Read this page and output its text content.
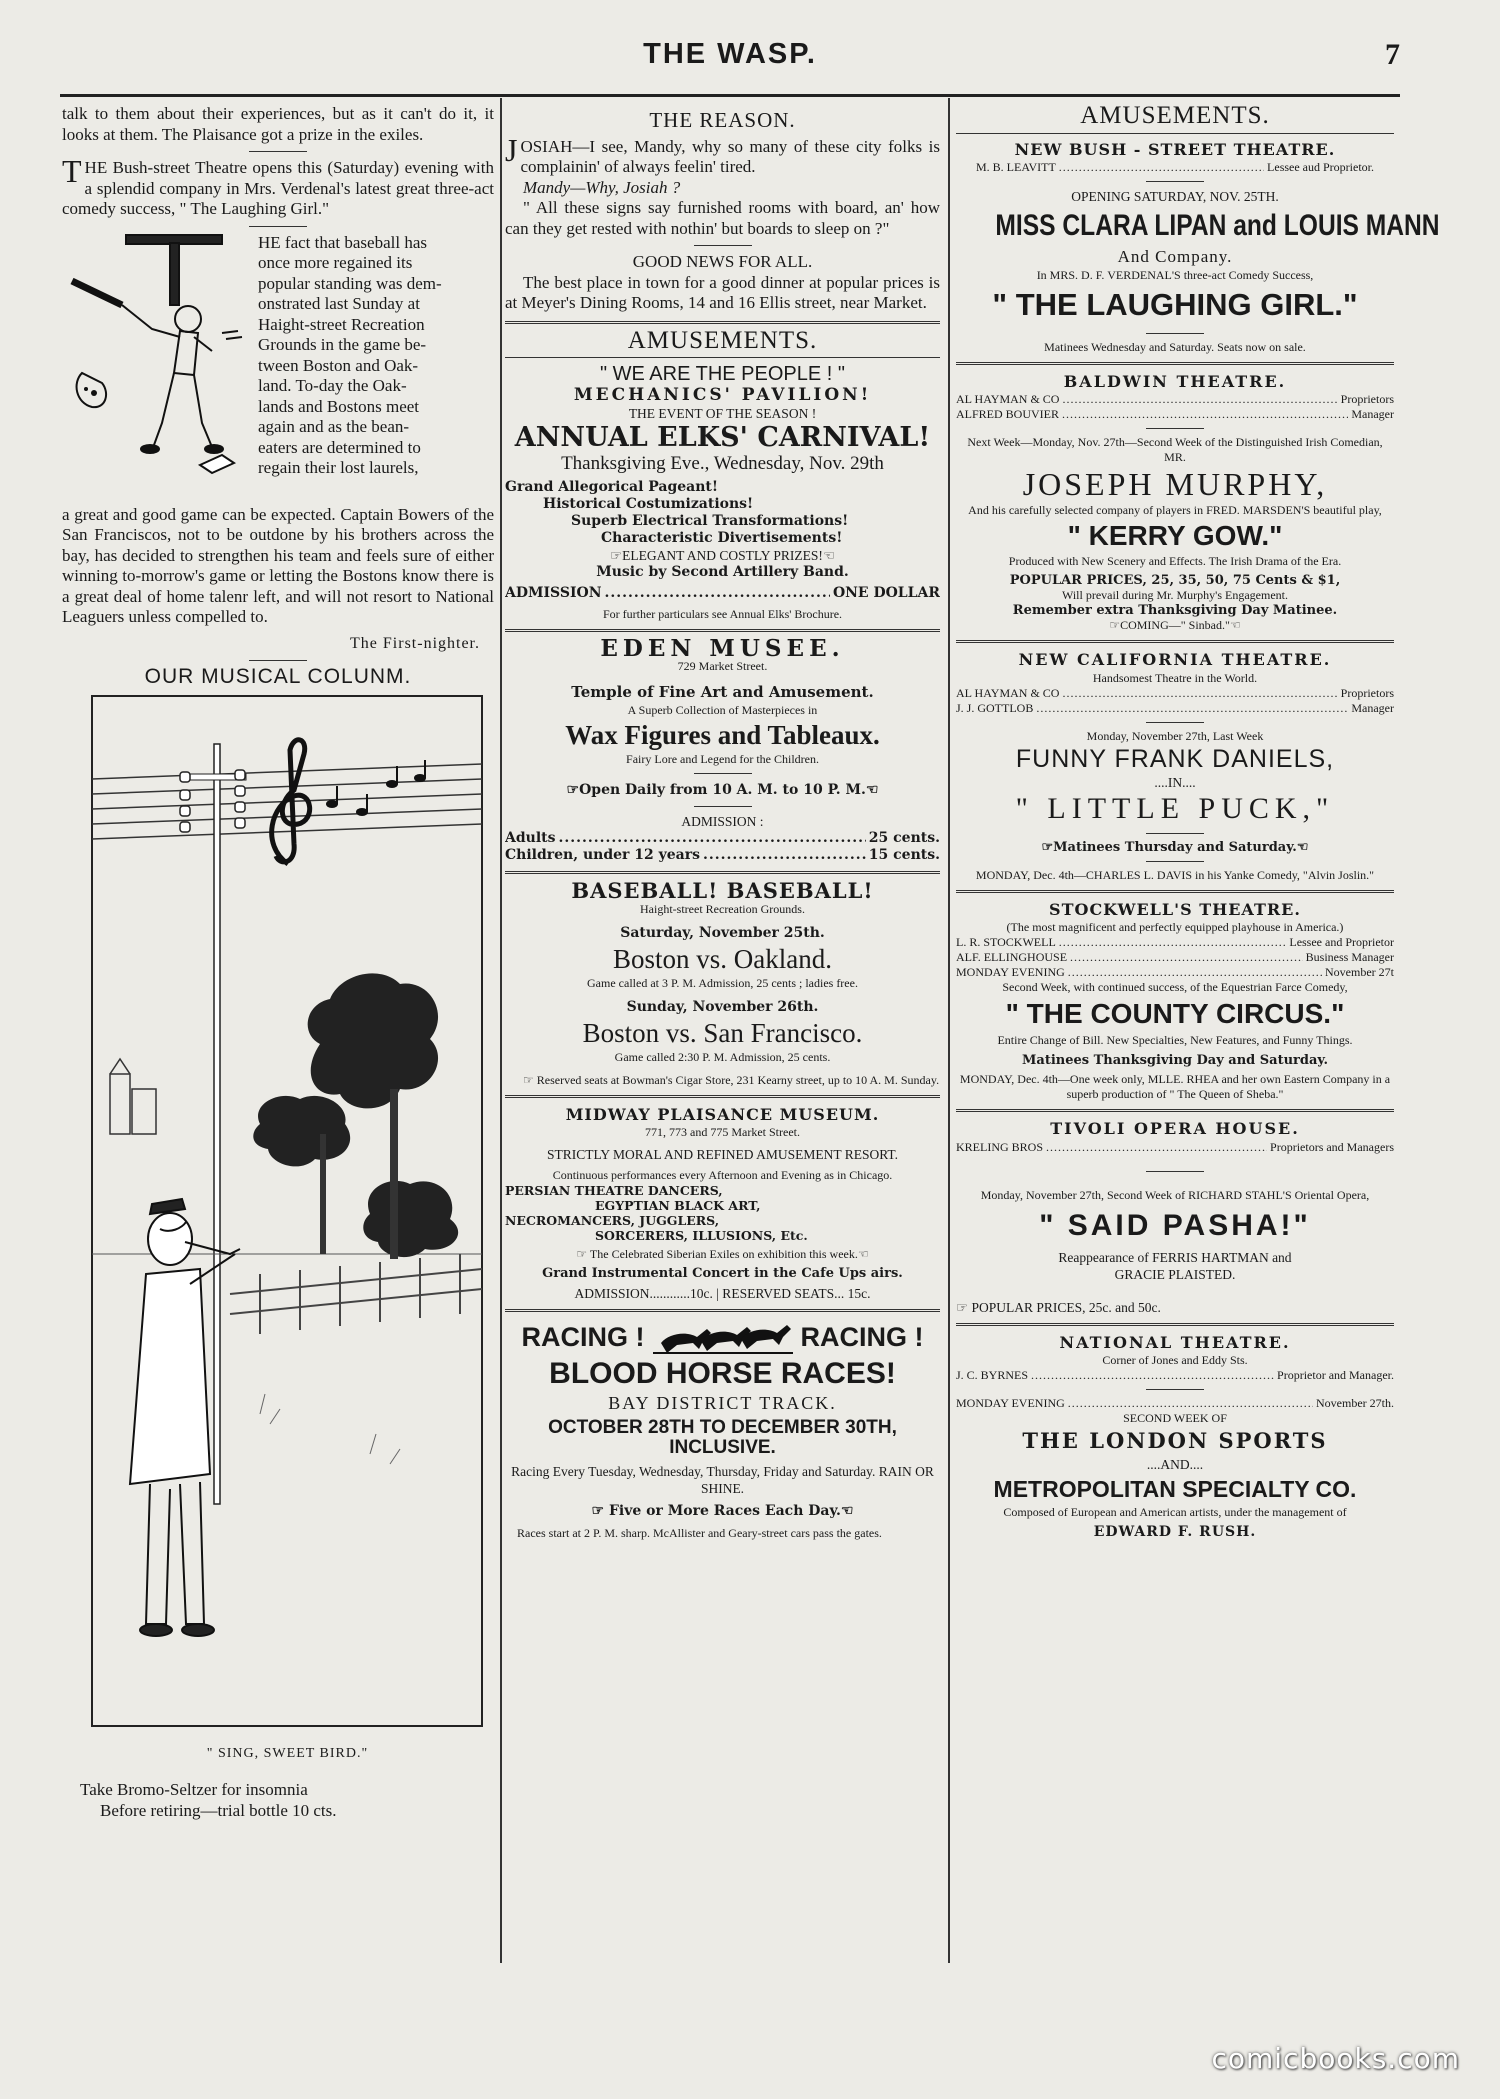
THE WASP.	7

talk to them about their experiences, but as it can't do it, it looks at them. The Plaisance got a prize in the exiles.

THE Bush-street Theatre opens this (Saturday) evening with a splendid company in Mrs. Verdenal's latest great three-act comedy success, " The Laughing Girl."

HE fact that baseball has

once more regained its

popular standing was dem-

onstrated last Sunday at

Haight-street Recreation

Grounds in the game be-

tween Boston and Oak-

land. To-day the Oak-

lands and Bostons meet

again and as the bean-

eaters are determined to

regain their lost laurels,

a great and good game can be expected. Captain Bowers of the San Franciscos, not to be outdone by his brothers across the bay, has decided to strengthen his team and feels sure of either winning to-morrow's game or letting the Bostons know there is a great deal of home talenr left, and will not resort to National Leaguers unless compelled to.

The First-nighter.

OUR MUSICAL COLUNM.
" SING, SWEET BIRD."
Take Bromo-Seltzer for insomnia
Before retiring—trial bottle 10 cts.
THE REASON.

JOSIAH—I see, Mandy, why so many of these city folks is complainin' of always feelin' tired.

Mandy—Why, Josiah ?

" All these signs say furnished rooms with board, an' how can they get rested with nothin' but boards to sleep on ?"

GOOD NEWS FOR ALL.

The best place in town for a good dinner at popular prices is at Meyer's Dining Rooms, 14 and 16 Ellis street, near Market.

AMUSEMENTS.
" WE ARE THE PEOPLE ! "
MECHANICS' PAVILION!
THE EVENT OF THE SEASON !
ANNUAL ELKS' CARNIVAL!
Thanksgiving Eve., Wednesday, Nov. 29th
Grand Allegorical Pageant!
Historical Costumizations!
Superb Electrical Transformations!
Characteristic Divertisements!
☞ELEGANT AND COSTLY PRIZES!☜
Music by Second Artillery Band.
ADMISSION .....	ONE DOLLAR
For further particulars see Annual Elks' Brochure.
EDEN MUSEE.
729 Market Street.
Temple of Fine Art and Amusement.
A Superb Collection of Masterpieces in
Wax Figures and Tableaux.
Fairy Lore and Legend for the Children.
☞Open Daily from 10 A. M. to 10 P. M.☜
ADMISSION :
Adults .....	25 cents.
Children, under 12 years .....	15 cents.
BASEBALL! BASEBALL!
Haight-street Recreation Grounds.
Saturday, November 25th.
Boston vs. Oakland.
Game called at 3 P. M. Admission, 25 cents ; ladies free.
Sunday, November 26th.
Boston vs. San Francisco.
Game called 2:30 P. M. Admission, 25 cents.

☞ Reserved seats at Bowman's Cigar Store, 231 Kearny street, up to 10 A. M. Sunday.

MIDWAY PLAISANCE MUSEUM.
771, 773 and 775 Market Street.
STRICTLY MORAL AND REFINED AMUSEMENT RESORT.
Continuous performances every Afternoon and Evening as in Chicago.
PERSIAN THEATRE DANCERS,
EGYPTIAN BLACK ART,
NECROMANCERS, JUGGLERS,
SORCERERS, ILLUSIONS, Etc.
☞ The Celebrated Siberian Exiles on exhibition this week.☜
Grand Instrumental Concert in the Cafe Ups airs.
ADMISSION............10c. | RESERVED SEATS... 15c.
RACING !	RACING !
BLOOD HORSE RACES!
BAY DISTRICT TRACK.
OCTOBER 28TH TO DECEMBER 30TH, INCLUSIVE.
Racing Every Tuesday, Wednesday, Thursday, Friday and Saturday. RAIN OR SHINE.
☞ Five or More Races Each Day.☜

Races start at 2 P. M. sharp. McAllister and Geary-street cars pass the gates.

AMUSEMENTS.
NEW BUSH - STREET THEATRE.
M. B. LEAVITT .....	Lessee aud Proprietor.
OPENING SATURDAY, NOV. 25TH.
MISS CLARA LIPAN and LOUIS MANN
And Company.
In MRS. D. F. VERDENAL'S three-act Comedy Success,
" THE LAUGHING GIRL."
Matinees Wednesday and Saturday. Seats now on sale.
BALDWIN THEATRE.
AL HAYMAN & CO .....	Proprietors
ALFRED BOUVIER .....	Manager
Next Week—Monday, Nov. 27th—Second Week of the Distinguished Irish Comedian, MR.
JOSEPH MURPHY,
And his carefully selected company of players in FRED. MARSDEN'S beautiful play,
" KERRY GOW."
Produced with New Scenery and Effects. The Irish Drama of the Era.
POPULAR PRICES, 25, 35, 50, 75 Cents & $1,
Will prevail during Mr. Murphy's Engagement.
Remember extra Thanksgiving Day Matinee.
☞COMING—" Sinbad."☜
NEW CALIFORNIA THEATRE.
Handsomest Theatre in the World.
AL HAYMAN & CO .....	Proprietors
J. J. GOTTLOB .....	Manager
Monday, November 27th, Last Week
FUNNY FRANK DANIELS,
....IN....
" LITTLE PUCK,"
☞Matinees Thursday and Saturday.☜
MONDAY, Dec. 4th—CHARLES L. DAVIS in his Yanke Comedy, "Alvin Joslin."
STOCKWELL'S THEATRE.
(The most magnificent and perfectly equipped playhouse in America.)
L. R. STOCKWELL .....	Lessee and Proprietor
ALF. ELLINGHOUSE .....	Business Manager
MONDAY EVENING .....	November 27t
Second Week, with continued success, of the Equestrian Farce Comedy,
" THE COUNTY CIRCUS."
Entire Change of Bill. New Specialties, New Features, and Funny Things.
Matinees Thanksgiving Day and Saturday.
MONDAY, Dec. 4th—One week only, MLLE. RHEA and her own Eastern Company in a superb production of " The Queen of Sheba."
TIVOLI OPERA HOUSE.
KRELING BROS .....	Proprietors and Managers
Monday, November 27th, Second Week of RICHARD STAHL'S Oriental Opera,
" SAID PASHA!"
Reappearance of FERRIS HARTMAN and
GRACIE PLAISTED.
☞ POPULAR PRICES, 25c. and 50c.
NATIONAL THEATRE.
Corner of Jones and Eddy Sts.
J. C. BYRNES .....	Proprietor and Manager.
MONDAY EVENING .....	November 27th.
SECOND WEEK OF
THE LONDON SPORTS
....AND....
METROPOLITAN SPECIALTY CO.
Composed of European and American artists, under the management of
EDWARD F. RUSH.
comicbooks.com
